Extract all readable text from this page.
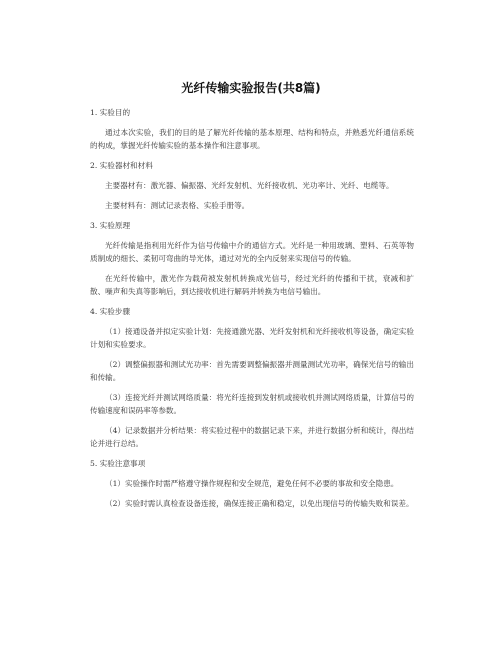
光纤传输实验报告(共8篇)
1. 实验目的
通过本次实验，我们的目的是了解光纤传输的基本原理、结构和特点，并熟悉光纤通信系统的构成，掌握光纤传输实验的基本操作和注意事项。
2. 实验器材和材料
主要器材有：激光器、偏振器、光纤发射机、光纤接收机、光功率计、光纤、电缆等。
主要材料有：测试记录表格、实验手册等。
3. 实验原理
光纤传输是指利用光纤作为信号传输中介的通信方式。光纤是一种用玻璃、塑料、石英等物质制成的细长、柔韧可弯曲的导光体，通过对光的全内反射来实现信号的传输。
在光纤传输中，激光作为载荷被发射机转换成光信号，经过光纤的传播和干扰，衰减和扩散、噪声和失真等影响后，到达接收机进行解码并转换为电信号输出。
4. 实验步骤
（1）接通设备并拟定实验计划：先接通激光器、光纤发射机和光纤接收机等设备，确定实验计划和实验要求。
（2）调整偏振器和测试光功率：首先需要调整偏振器并测量测试光功率，确保光信号的输出和传输。
（3）连接光纤并测试网络质量：将光纤连接到发射机或接收机并测试网络质量，计算信号的传输速度和误码率等参数。
（4）记录数据并分析结果：将实验过程中的数据记录下来，并进行数据分析和统计，得出结论并进行总结。
5. 实验注意事项
（1）实验操作时需严格遵守操作规程和安全规范，避免任何不必要的事故和安全隐患。
（2）实验时需认真检查设备连接，确保连接正确和稳定，以免出现信号的传输失败和误差。
